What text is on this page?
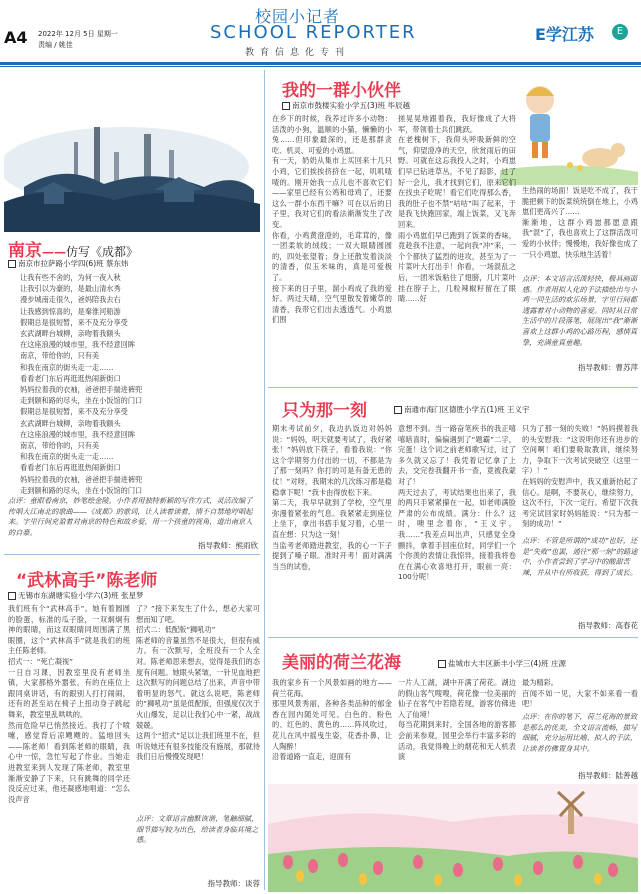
A4 2022年 12月 5日 星期一
责编 / 姚佳
校园小记者
SCHOOL REPORTER
教育信息化专刊
E学江苏	E
南京——仿写《成都》
南京市拉萨路小学四(6)班 蔡东炜
让我有些不舍的，为何一夜入秋
让我引以为豪的，是最山清水秀
漫步城南走很久，爸妈陪我去右
让我感到惊喜的，是秦淮河船游
假期总是很短暂，来不及充分享受
玄武湖畔台城柳，亲吻着我额头
在这座浪漫的城市里，我不经意回眸
南京，带给你的，只有美
和我在南京的街头走一走……
看看老门东后再逛逛热闹新街口
妈妈拉着我的衣袖，爸爸把手揣进裤兜
走到颐和路的尽头，坐在小饭馆的门口
假期总是很短暂，来不及充分享受
玄武湖畔台城柳，亲吻着我额头
在这座浪漫的城市里，我不经意回眸
南京，带给你的，只有美
和我在南京的街头走一走……
看看老门东后再逛逛热闹新街口
妈妈拉着我的衣袖，爸爸把手揣进裤兜
走到颐和路的尽头，坐在小饭馆的门口
点评：童眼看南京，妙笔绘金陵。小作者用独特新颖的写作方式，灵活改编了传唱大江南北的歌曲——《成都》的歌词，让人读着读着，情不自禁地哼唱起来。字里行间充盈着对南京的特色和故乡爱，用一个孩童的视角，道出南京人的自豪。
指导教师：熊雨欣
“武林高手”陈老师
无锡市东湖塘实验小学六(3)班 张星梦
我们班有个“武林高手”。她有着圆圆的脸蛋，标准的瓜子脸，一双炯炯有神的眼睛，而这双眼睛同周围满了黑眼圈，这个“武林高手”就是我们的班主任陈老师。
招式一：“死亡凝视”
一日自习课，因教室里没有老师坐镇，大家都格外嚣张，有的在座位上跟同桌讲话，有的跟别人打打闹闹，还有的甚至站在椅子上扭动身子跳起舞来，教室里乱哄哄的。
然而危险早已悄然接近。我打了个喷嚏，感觉背后凉飕飕的。猛地回头——陈老师！看到陈老师的眼睛，我心中一惊，急忙写起了作业。当她走进教室来到人发现了陈老师，教室里渐渐安静了下来，只有跳舞的同学还没反应过来，他还凝感地唱道：“怎么没声音
了？”接下来发生了什么，想必大家可想而知了吧。
招式二：低配版“狮吼功”
陈老师的音量虽然不是很大，但很有威力。有一次默写，全班没有一个人全对。陈老师思来想去，觉得是我们的态度有问题。她眼头紧皱，一针见血地把这次默写的问题总结了出来，声音中带着明显的怒气。就这么说吧，陈老师的“狮吼功”虽是低配版，但强度仅次于火山爆发，足以让我们心中一紧，战战兢兢。
这两个“招式”足以让我们班里不在，但听说她还有很多技能没有施展，那就待我们日后慢慢发现吧！
点评：文章语言幽默诙谐，笔触细腻，细节描写较为出色，给读者身临其境之感。
指导教师：谈蓉
我的一群小伙伴
南京市鼓楼实验小学五(3)班 毕辰越
在乡下的时候，我养过许多小动物：活泼的小狗，温顺的小猫，懒懒的小兔……但印象最深的，还是那群贪吃、机灵、可爱的小鸡崽。
有一天，奶奶从集市上买回来十几只小鸡，它们挨挨挤挤在一起，叽叽喳喳的。刚开始我一点儿也不喜欢它们——家里已经有公鸡和母鸡了，还要这么一群小东西干嘛？可在以后的日子里，我对它们的看法渐渐发生了改变。
你看，小鸡黄澄澄的，毛茸茸的，像一团柔软的绒线；一双大眼睛圆圆的，四处张望着；身上还散发着淡淡的清香，似玉米味的，真是可爱极了。
接下来的日子里，溜小鸡成了我的爱好。两过天晴，空气里散发着嫩草的清香，我带它们出去透透气。小鸡崽们围
搓晃晃地跟着我，我好像成了大将军，带领着士兵们跳跃。
在老槐树下，我仰头呼吸新鲜的空气，仰望澄净的天空，欣赏雨后的田野。可就在这忘我投入之时，小鸡崽们早已钻进草丛，不见了踪影，过了好一会儿，我才找到它们，原来它们在找虫子吃呢！看它们吃得那么香，我的肚子也不禁“咕咕”叫了起来，于是我飞快跑回家，端上饭菜，又飞奔回来。
雨小鸡崽们早已跑到了饭菜的香味，竟趁我不注意，一起向我“冲”来，一个个都快了猛烈的进攻，甚至为了一片菜叶大打出手！你看，一场混乱之后，一团米饭粘住了翅膀，几片菜叶挂在脖子上，几粒辣椒籽留在了眼睛……好
生热闹的场面！饭是吃不成了，我干脆把剩下的饭菜统统倒在地上，小鸡崽们更高兴了……
渐渐地，这群小鸡崽都愿意跟我“混”了，我也喜欢上了这群活泼可爱的小伙伴；慢慢地，我好像也成了一只小鸡崽，快乐地生活着！
点评：本文语言活泼轻快，极具画面感。作者用拟人化的手法描绘出与小鸡一同生活的欢乐场景，字里行间都透露着对小动物的喜爱。同时从日常生活中的片段落笔，展现出“我”渐渐喜欢上这群小鸡的心路历程，感情真挚，充满童真童趣。
指导教师：曹苏萍
只为那一刻	南通市海门区德胜小学五(1)班 王义宇
期末考试前夕，我边扒饭边对妈妈说：“妈妈，明天就要考试了，我好紧张！”妈妈放下筷子，看着我说：“你这个学期努力付出的一切，不都是为了那一刻吗？你打的可是有备无患的仗！”对呀，我期末的几次练习都是稳稳拿下呢！”我卡由得放松下来。
第二天，我早早就到了学校，空气里弥漫着紧张的气息。我紧紧走到座位上坐下，拿出书搭手复习着，心里一直在想：只为这一刻！
当监考老师踏进教室，我的心一下子提到了嗓子眼。准时开考！面对满满当当的试卷，
意想不到。当一路奋笔疾书的我正嘻嘻暗喜时，偏偏遇到了“题霸”二字，完蛋！这个词之前老师歌写过，过了多久就又忘了！我凭着记忆拿了上去，交完卷我翻开书一查，竟被我蒙对了！
两天过去了，考试结果也出来了，我的两只手紧紧攥在一起，如老师满脸严肃的公布成绩。满分：什么？这时，噢里念着你，“王义宇，我……”我差点叫出声，只感觉全身颤抖，拿着手回座位时，同学们一个个你羡的表情让我惊异，接着我将卷在在满心欢喜地打开，眼前一亮：100分呢！
只为了那一刻的失败！”妈妈摸着我的头安慰我：“这说明你还有进步的空间啊！咱们要吸取教训，继续努力，争取下一次考试突破空（这里一字）！”
在妈妈的安慰声中，我又重新抬起了信心。是啊，不要灰心，继续努力，这次不行，下次一定行。希望下次我考完试回家时妈妈能说：“只为那一刻的成功！”
点评：不管是所谓的“成功”也好，还是“失败”也罢，通往“那一刻”的路途中，小作者尝到了学习中的酸甜苦辣，并从中有所收获，得到了成长。
指导教师：高春花
美丽的荷兰花海	盐城市大丰区新丰小学三(4)班 庄源
我的家乡有一个风景如画的地方——荷兰花海。
那里风景秀丽，各种各类品种的郁金香在园内随处可见。白色的、粉色的、红色的、黄色的……阵风吹过，花儿在风中摇曳生姿，花香扑鼻，让人陶醉！
沿着道路一直走，迎面有
一片人工湖，湖中开满了荷花。湖边的假山客气嗖嗖，荷花像一位美丽的仙子在客气中若隐若现，游客仿佛进入了仙境！
每当花期到来时，全国各地的游客都会前来参观，园里会举行丰富多彩的活动，我觉得晚上的烟花和无人机表演
最为精彩。
百闻不如一见，大家不如来看一看吧！
点评：在你的笔下，荷兰花海的景致是那么的优美，全文语言流畅，描写细腻，充分运用比喻、拟人的手法，让读者仿佛置身其中。
指导教师：陆善越
